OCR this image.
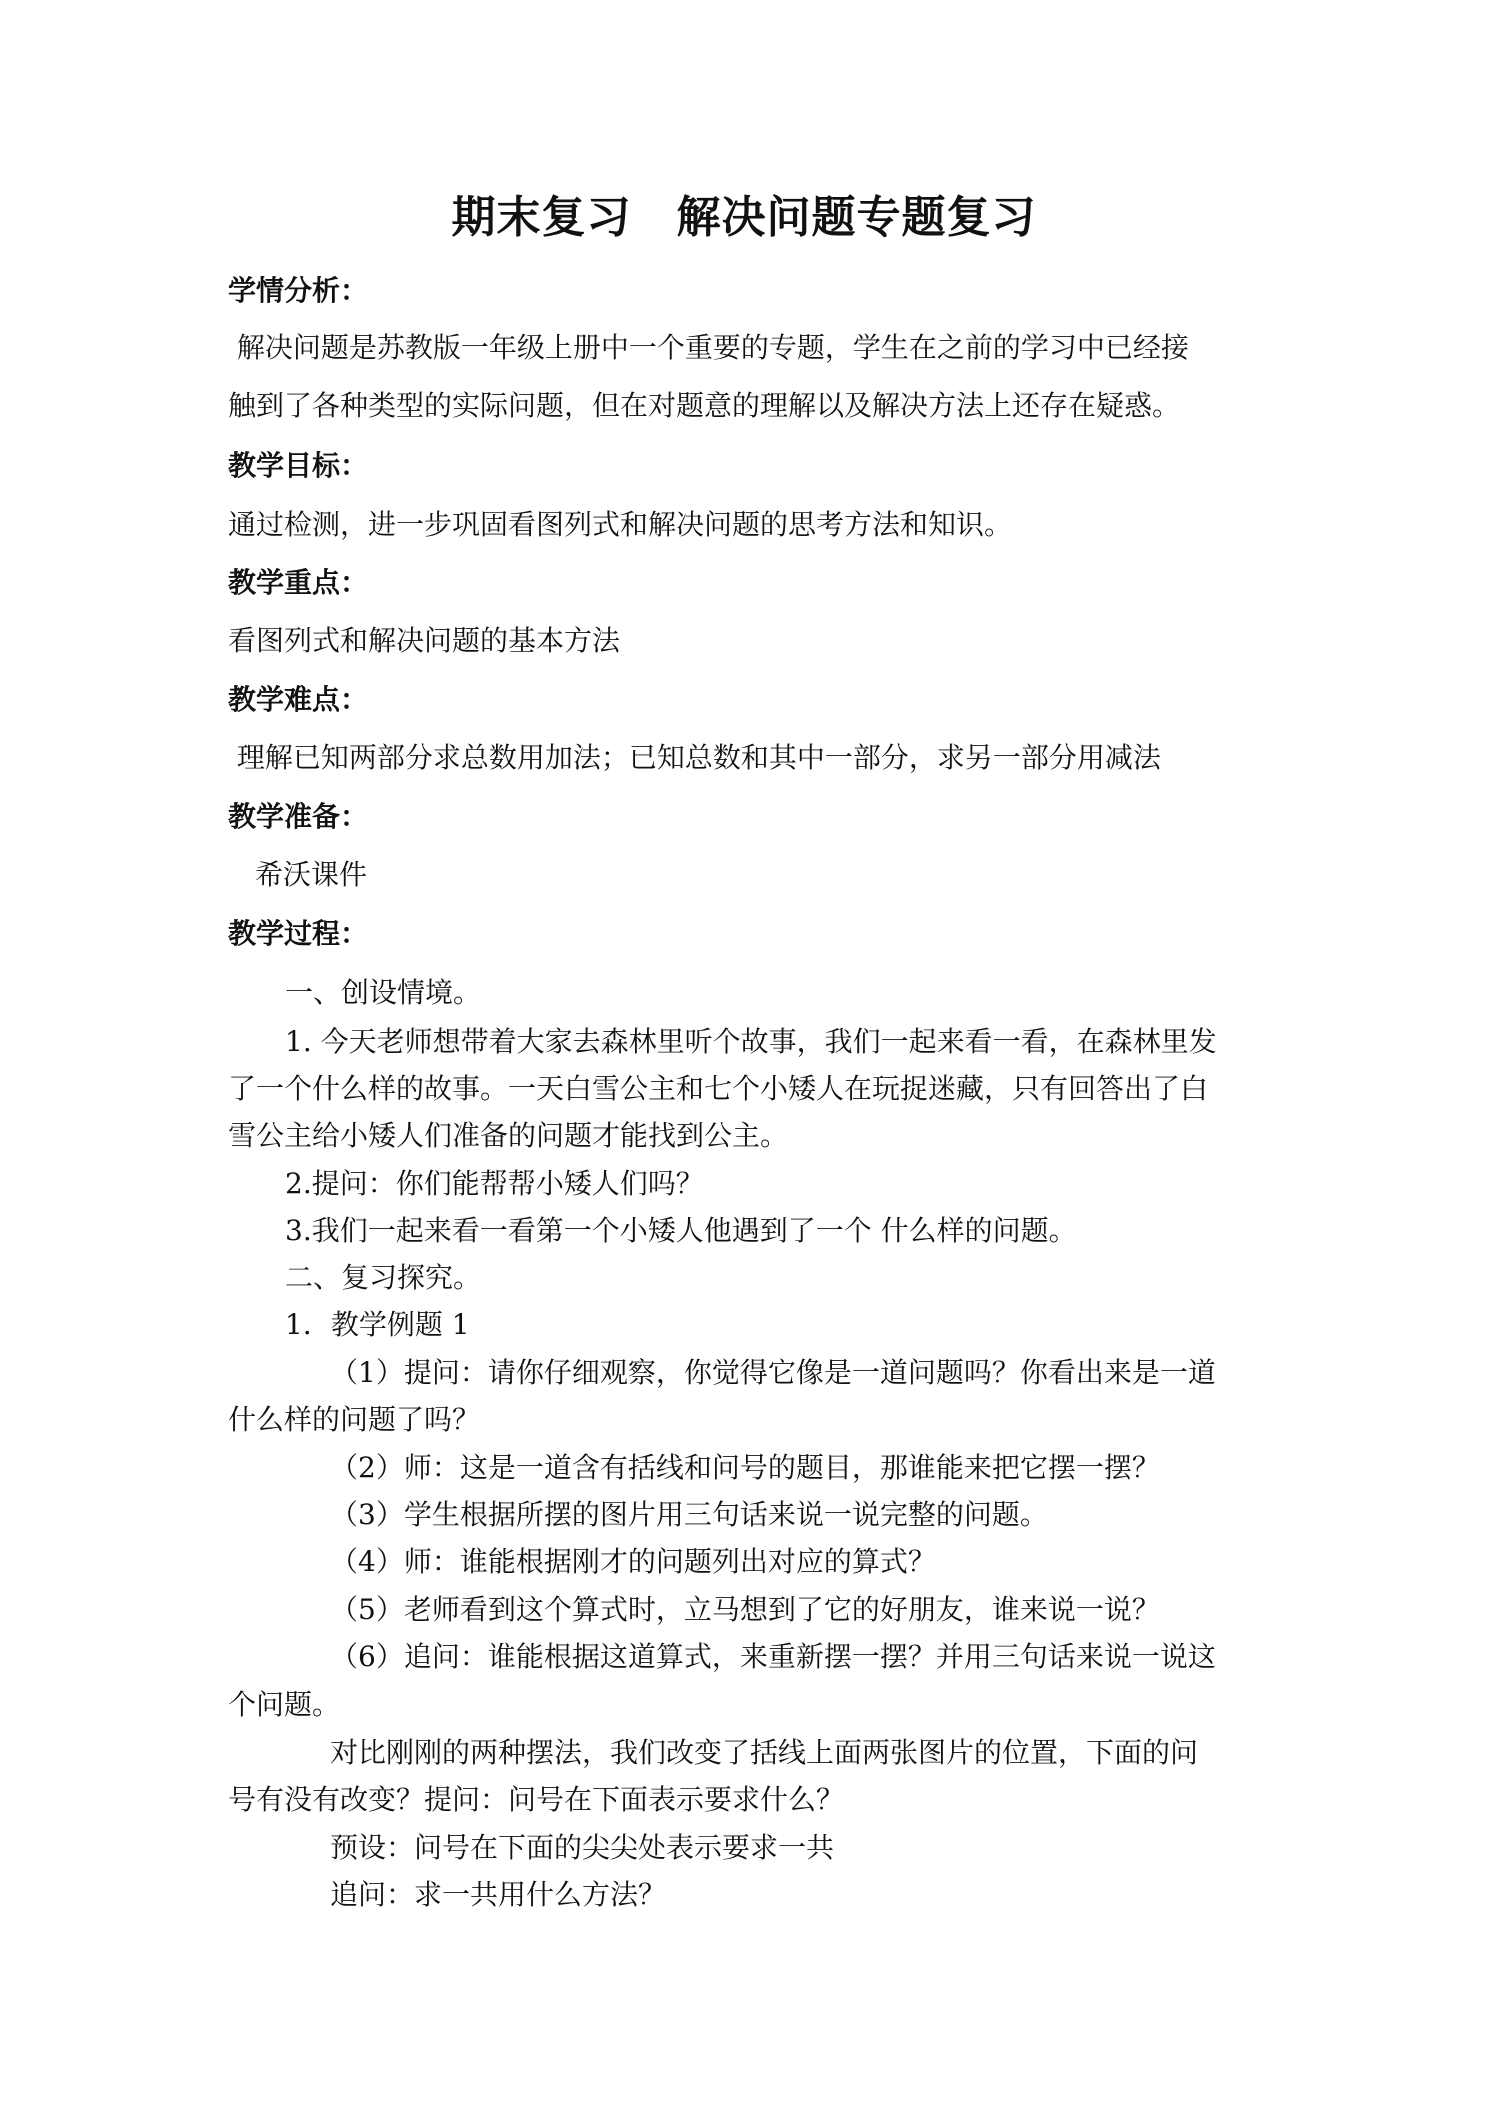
期末复习　解决问题专题复习
学情分析：
解决问题是苏教版一年级上册中一个重要的专题，学生在之前的学习中已经接
触到了各种类型的实际问题，但在对题意的理解以及解决方法上还存在疑惑。
教学目标：
通过检测，进一步巩固看图列式和解决问题的思考方法和知识。
教学重点：
看图列式和解决问题的基本方法
教学难点：
理解已知两部分求总数用加法；已知总数和其中一部分，求另一部分用减法
教学准备：
希沃课件
教学过程：
一、创设情境。
1. 今天老师想带着大家去森林里听个故事，我们一起来看一看，在森林里发
了一个什么样的故事。一天白雪公主和七个小矮人在玩捉迷藏，只有回答出了白
雪公主给小矮人们准备的问题才能找到公主。
2.提问：你们能帮帮小矮人们吗？
3.我们一起来看一看第一个小矮人他遇到了一个 什么样的问题。
二、复习探究。
1．教学例题 1
（1）提问：请你仔细观察，你觉得它像是一道问题吗？你看出来是一道
什么样的问题了吗？
（2）师：这是一道含有括线和问号的题目，那谁能来把它摆一摆？
（3）学生根据所摆的图片用三句话来说一说完整的问题。
（4）师：谁能根据刚才的问题列出对应的算式？
（5）老师看到这个算式时，立马想到了它的好朋友，谁来说一说？
（6）追问：谁能根据这道算式，来重新摆一摆？并用三句话来说一说这
个问题。
对比刚刚的两种摆法，我们改变了括线上面两张图片的位置，下面的问
号有没有改变？提问：问号在下面表示要求什么？
预设：问号在下面的尖尖处表示要求一共
追问：求一共用什么方法？
